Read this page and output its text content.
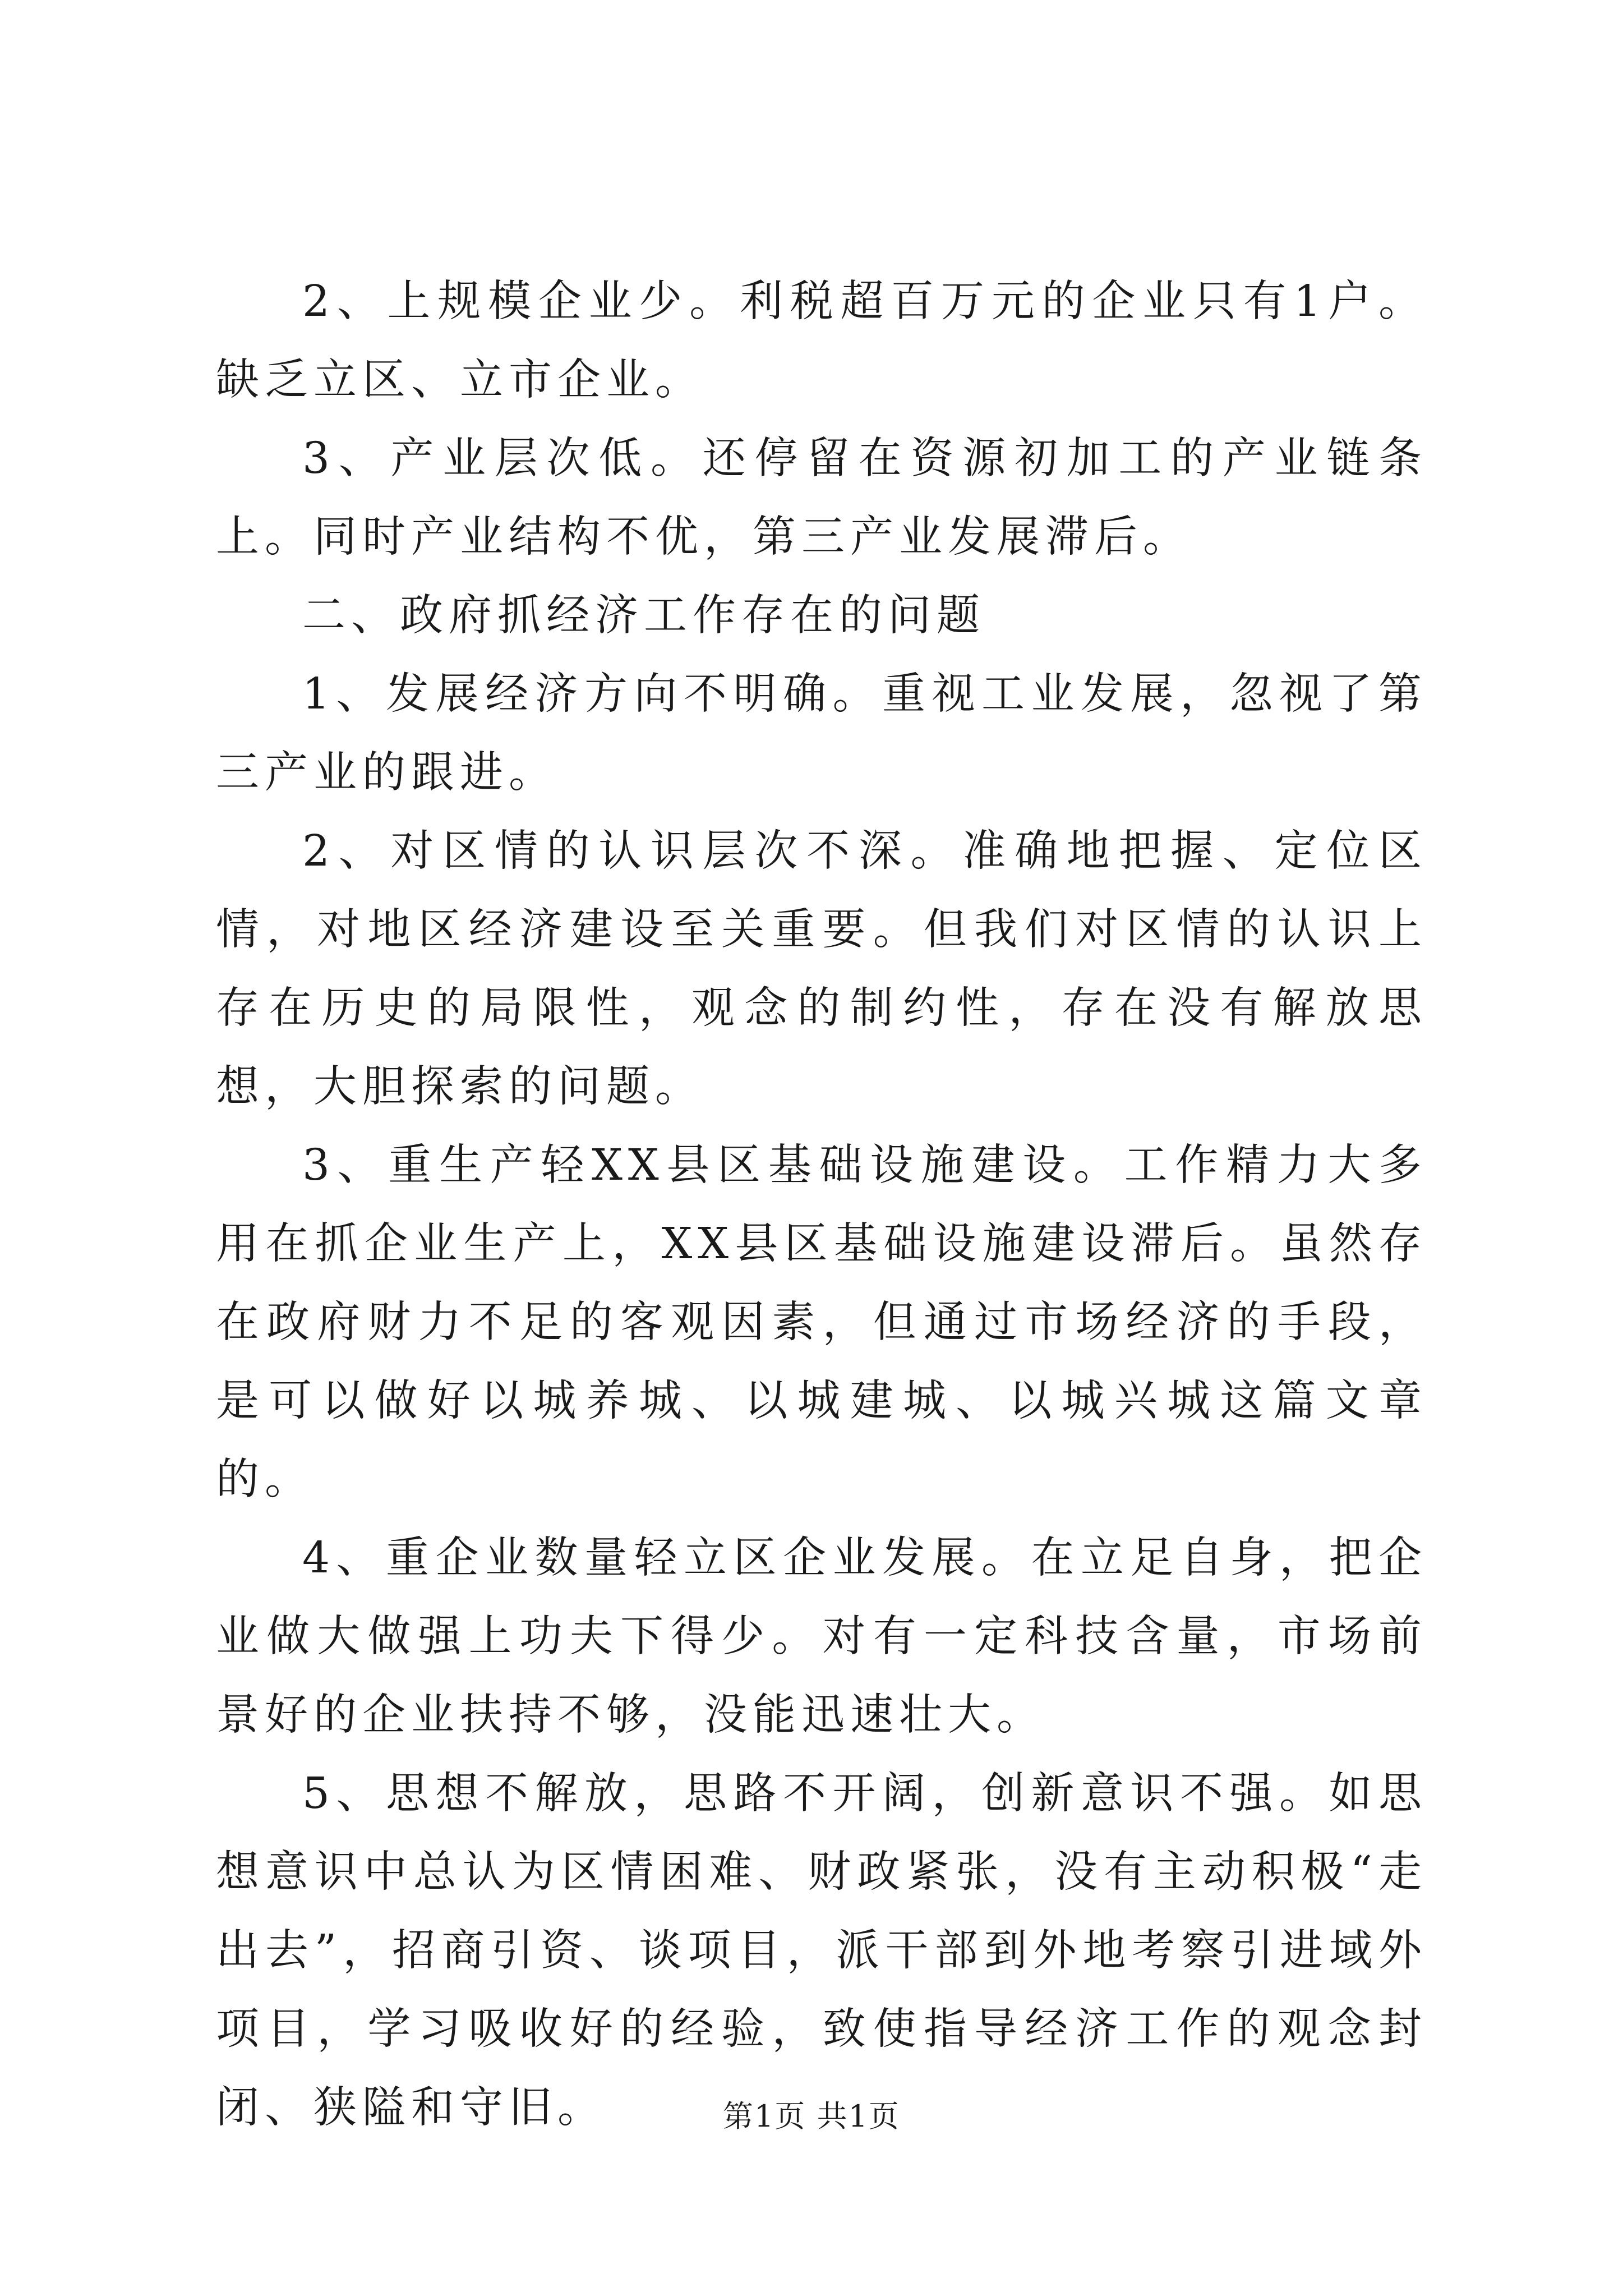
2、上规模企业少。利税超百万元的企业只有1户。缺乏立区、立市企业。

3、产业层次低。还停留在资源初加工的产业链条上。同时产业结构不优，第三产业发展滞后。

二、政府抓经济工作存在的问题

1、发展经济方向不明确。重视工业发展，忽视了第三产业的跟进。

2、对区情的认识层次不深。准确地把握、定位区情，对地区经济建设至关重要。但我们对区情的认识上存在历史的局限性，观念的制约性，存在没有解放思想，大胆探索的问题。

3、重生产轻XX县区基础设施建设。工作精力大多用在抓企业生产上，XX县区基础设施建设滞后。虽然存在政府财力不足的客观因素，但通过市场经济的手段，是可以做好以城养城、以城建城、以城兴城这篇文章的。

4、重企业数量轻立区企业发展。在立足自身，把企业做大做强上功夫下得少。对有一定科技含量，市场前景好的企业扶持不够，没能迅速壮大。

5、思想不解放，思路不开阔，创新意识不强。如思想意识中总认为区情困难、财政紧张，没有主动积极“走出去”，招商引资、谈项目，派干部到外地考察引进域外项目，学习吸收好的经验，致使指导经济工作的观念封闭、狭隘和守旧。	第1页 共1页
